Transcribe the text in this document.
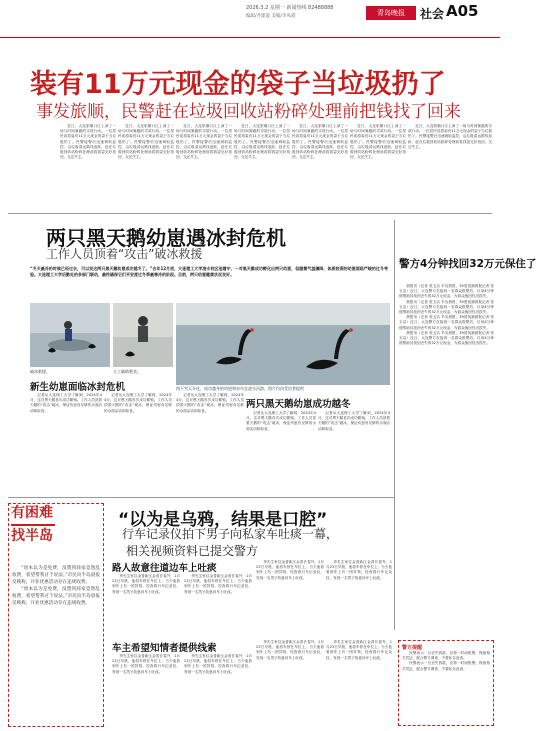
2026.3.2 星期一 新闻热线 82488888
编辑/齐建波 美编/李凤霞	青岛晚报	社会 A05
装有11万元现金的袋子当垃圾扔了
事发旅顺，民警赶在垃圾回收站粉碎处理前把钱找了回来

近日，大连旅顺口区上演了一场与时间赛跑的寻款行动。一位居民误将装有11万元现金的袋子当垃圾扔了。民警接警后迅速调取监控，沿垃圾清运路线追踪，赶在垃圾回收站粉碎处理前将钱袋完好找回，交还失主。

近日，大连旅顺口区上演了一场与时间赛跑的寻款行动。一位居民误将装有11万元现金的袋子当垃圾扔了。民警接警后迅速调取监控，沿垃圾清运路线追踪，赶在垃圾回收站粉碎处理前将钱袋完好找回，交还失主。

近日，大连旅顺口区上演了一场与时间赛跑的寻款行动。一位居民误将装有11万元现金的袋子当垃圾扔了。民警接警后迅速调取监控，沿垃圾清运路线追踪，赶在垃圾回收站粉碎处理前将钱袋完好找回，交还失主。

近日，大连旅顺口区上演了一场与时间赛跑的寻款行动。一位居民误将装有11万元现金的袋子当垃圾扔了。民警接警后迅速调取监控，沿垃圾清运路线追踪，赶在垃圾回收站粉碎处理前将钱袋完好找回，交还失主。

近日，大连旅顺口区上演了一场与时间赛跑的寻款行动。一位居民误将装有11万元现金的袋子当垃圾扔了。民警接警后迅速调取监控，沿垃圾清运路线追踪，赶在垃圾回收站粉碎处理前将钱袋完好找回，交还失主。

近日，大连旅顺口区上演了一场与时间赛跑的寻款行动。一位居民误将装有11万元现金的袋子当垃圾扔了。民警接警后迅速调取监控，沿垃圾清运路线追踪，赶在垃圾回收站粉碎处理前将钱袋完好找回，交还失主。

近日，大连旅顺口区上演了一场与时间赛跑的寻款行动。一位居民误将装有11万元现金的袋子当垃圾扔了。民警接警后迅速调取监控，沿垃圾清运路线追踪，赶在垃圾回收站粉碎处理前将钱袋完好找回，交还失主。

两只黑天鹅幼崽遇冰封危机
工作人员顶着“攻击”破冰救援
“冬天最冷的时候已经过去，可以说这两只黑天鹅幼崽成功越冬了。”去年12月底，大连理工大学凌水校区池塘中，一对黑天鹅成功孵化出两只幼崽，但随着气温骤降，体质较弱的幼崽面临严峻的过冬考验。大连理工大学后勤处的多部门联动，最终确保它们平安度过冬季最寒冷的阶段。目前，两只幼崽健康状况良好。
破冰救援。	人工辅助喂食。
图下雪天开化，成功越冬的幼崽和亲鸟在凌水河游。图片均由受访者提供
新生幼崽面临冰封危机

记者从大连理工大学了解到，2024年4月，这对黑天鹅首次成功繁殖。工作人员顶着天鹅的“攻击”破冰，保证幼崽有足够的水面活动和取食。

记者从大连理工大学了解到，2024年4月，这对黑天鹅首次成功繁殖。工作人员顶着天鹅的“攻击”破冰，保证幼崽有足够的水面活动和取食。

记者从大连理工大学了解到，2024年4月，这对黑天鹅首次成功繁殖。工作人员顶着天鹅的“攻击”破冰，保证幼崽有足够的水面活动和取食。

两只黑天鹅幼崽成功越冬

记者从大连理工大学了解到，2024年4月，这对黑天鹅首次成功繁殖。工作人员顶着天鹅的“攻击”破冰，保证幼崽有足够的水面活动和取食。

记者从大连理工大学了解到，2024年4月，这对黑天鹅首次成功繁殖。工作人员顶着天鹅的“攻击”破冰，保证幼崽有足够的水面活动和取食。

警方4分钟找回32万元保住了

晨报讯（记者 张玉洁 半岛晨报，39度视频晨报记者 张玉洁）近日，大连警方在接到一名群众报警后，仅用4分钟便帮助其找回丢失的32万元现金，为群众挽回经济损失。

晨报讯（记者 张玉洁 半岛晨报，39度视频晨报记者 张玉洁）近日，大连警方在接到一名群众报警后，仅用4分钟便帮助其找回丢失的32万元现金，为群众挽回经济损失。

晨报讯（记者 张玉洁 半岛晨报，39度视频晨报记者 张玉洁）近日，大连警方在接到一名群众报警后，仅用4分钟便帮助其找回丢失的32万元现金，为群众挽回经济损失。

晨报讯（记者 张玉洁 半岛晨报，39度视频晨报记者 张玉洁）近日，大连警方在接到一名群众报警后，仅用4分钟便帮助其找回丢失的32万元现金，为群众挽回经济损失。

有困难
找半岛

“原本以为是免费，没想到商家竟然乱收费，希望帮我讨个说法。”市民向半岛晨报反映称，开业优惠活动存在违规收费。

“原本以为是免费，没想到商家竟然乱收费，希望帮我讨个说法。”市民向半岛晨报反映称，开业优惠活动存在违规收费。

“以为是乌鸦，结果是口腔”
行车记录仪拍下男子向私家车吐痰一幕，
相关视频资料已提交警方
路人故意往道边车上吐痰

李先生家住金普新区金普长春外，1月23日早晨，他将车停在车位上。当天他看到车上有一团异物，经查看行车记录仪，发现一名男子故意向车上吐痰。

李先生家住金普新区金普长春外，1月23日早晨，他将车停在车位上。当天他看到车上有一团异物，经查看行车记录仪，发现一名男子故意向车上吐痰。

李先生家住金普新区金普长春外，1月23日早晨，他将车停在车位上。当天他看到车上有一团异物，经查看行车记录仪，发现一名男子故意向车上吐痰。

李先生家住金普新区金普长春外，1月23日早晨，他将车停在车位上。当天他看到车上有一团异物，经查看行车记录仪，发现一名男子故意向车上吐痰。

车主希望知情者提供线索

李先生家住金普新区金普长春外，1月23日早晨，他将车停在车位上。当天他看到车上有一团异物，经查看行车记录仪，发现一名男子故意向车上吐痰。

李先生家住金普新区金普长春外，1月23日早晨，他将车停在车位上。当天他看到车上有一团异物，经查看行车记录仪，发现一名男子故意向车上吐痰。

李先生家住金普新区金普长春外，1月23日早晨，他将车停在车位上。当天他看到车上有一团异物，经查看行车记录仪，发现一名男子故意向车上吐痰。

李先生家住金普新区金普长春外，1月23日早晨，他将车停在车位上。当天他看到车上有一团异物，经查看行车记录仪，发现一名男子故意向车上吐痰。

警方提醒

民警表示一旦丢失钱款，应第一时间报警，保留相关凭证，配合警方调查，不要私自追查。

民警表示一旦丢失钱款，应第一时间报警，保留相关凭证，配合警方调查，不要私自追查。
